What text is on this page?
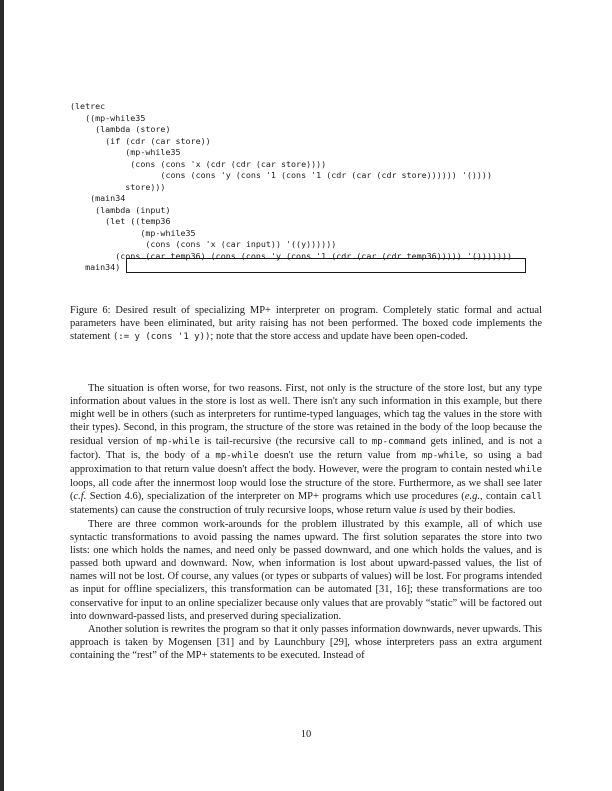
(letrec
((mp-while35
(lambda (store)
(if (cdr (car store))
(mp-while35
(cons (cons 'x (cdr (cdr (car store))))
(cons (cons 'y (cons '1 (cons '1 (cdr (car (cdr store)))))) '())))
store)))
(main34
(lambda (input)
(let ((temp36
(mp-while35
(cons (cons 'x (car input)) '((y))))))
(cons (car temp36) (cons (cons 'y (cons '1 (cdr (car (cdr temp36))))) '()))))))
main34)

Figure 6: Desired result of specializing MP+ interpreter on program. Completely static formal and actual parameters have been eliminated, but arity raising has not been performed. The boxed code implements the statement (:= y (cons '1 y)); note that the store access and update have been open-coded.

The situation is often worse, for two reasons. First, not only is the structure of the store lost, but any type information about values in the store is lost as well. There isn't any such information in this example, but there might well be in others (such as interpreters for runtime-typed languages, which tag the values in the store with their types). Second, in this program, the structure of the store was retained in the body of the loop because the residual version of mp-while is tail-recursive (the recursive call to mp-command gets inlined, and is not a factor). That is, the body of a mp-while doesn't use the return value from mp-while, so using a bad approximation to that return value doesn't affect the body. However, were the program to contain nested while loops, all code after the innermost loop would lose the structure of the store. Furthermore, as we shall see later (c.f. Section 4.6), specialization of the interpreter on MP+ programs which use procedures (e.g., contain call statements) can cause the construction of truly recursive loops, whose return value is used by their bodies.

There are three common work-arounds for the problem illustrated by this example, all of which use syntactic transformations to avoid passing the names upward. The first solution separates the store into two lists: one which holds the names, and need only be passed downward, and one which holds the values, and is passed both upward and downward. Now, when information is lost about upward-passed values, the list of names will not be lost. Of course, any values (or types or subparts of values) will be lost. For programs intended as input for offline specializers, this transformation can be automated [31, 16]; these transformations are too conservative for input to an online specializer because only values that are provably “static” will be factored out into downward-passed lists, and preserved during specialization.

Another solution is rewrites the program so that it only passes information downwards, never upwards. This approach is taken by Mogensen [31] and by Launchbury [29], whose interpreters pass an extra argument containing the “rest” of the MP+ statements to be executed. Instead of

10
